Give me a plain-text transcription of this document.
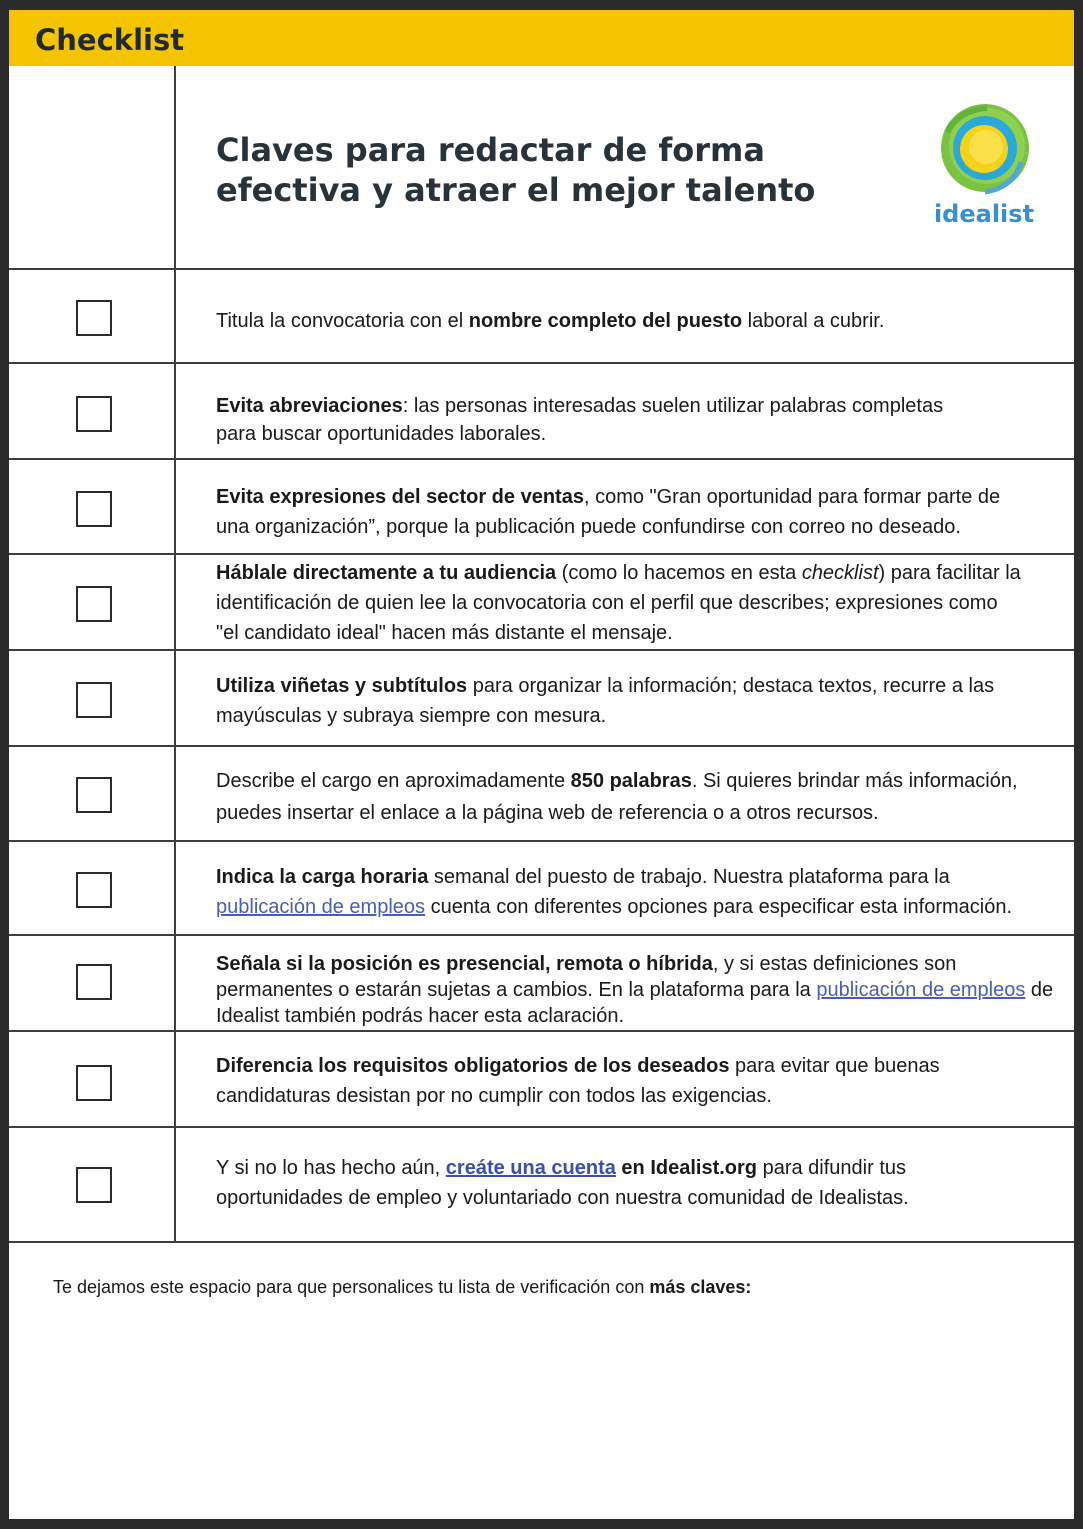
Checklist
Claves para redactar de forma
efectiva y atraer el mejor talento
idealist
Titula la convocatoria con el nombre completo del puesto laboral a cubrir.
Evita abreviaciones: las personas interesadas suelen utilizar palabras completas
para buscar oportunidades laborales.
Evita expresiones del sector de ventas, como "Gran oportunidad para formar parte de
una organización”, porque la publicación puede confundirse con correo no deseado.
Háblale directamente a tu audiencia (como lo hacemos en esta checklist) para facilitar la
identificación de quien lee la convocatoria con el perfil que describes; expresiones como
"el candidato ideal" hacen más distante el mensaje.
Utiliza viñetas y subtítulos para organizar la información; destaca textos, recurre a las
mayúsculas y subraya siempre con mesura.
Describe el cargo en aproximadamente 850 palabras. Si quieres brindar más información,
puedes insertar el enlace a la página web de referencia o a otros recursos.
Indica la carga horaria semanal del puesto de trabajo. Nuestra plataforma para la
publicación de empleos cuenta con diferentes opciones para especificar esta información.
Señala si la posición es presencial, remota o híbrida, y si estas definiciones son
permanentes o estarán sujetas a cambios. En la plataforma para la publicación de empleos de
Idealist también podrás hacer esta aclaración.
Diferencia los requisitos obligatorios de los deseados para evitar que buenas
candidaturas desistan por no cumplir con todos las exigencias.
Y si no lo has hecho aún, creáte una cuenta en Idealist.org para difundir tus
oportunidades de empleo y voluntariado con nuestra comunidad de Idealistas.
Te dejamos este espacio para que personalices tu lista de verificación con más claves:
